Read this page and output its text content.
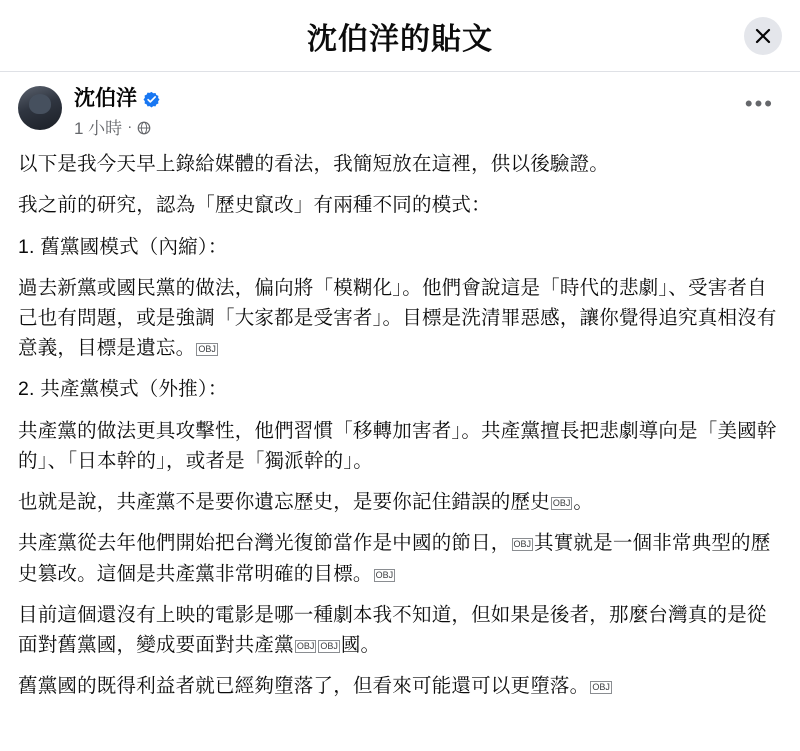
沈伯洋的貼文
沈伯洋
1 小時 ·
•••

以下是我今天早上錄給媒體的看法，我簡短放在這裡，供以後驗證。

我之前的研究，認為「歷史竄改」有兩種不同的模式：

1. 舊黨國模式（內縮）：

過去新黨或國民黨的做法，偏向將「模糊化」。他們會說這是「時代的悲劇」、受害者自己也有問題，或是強調「大家都是受害者」。目標是洗清罪惡感，讓你覺得追究真相沒有意義，目標是遺忘。 OBJ

2. 共產黨模式（外推）：

共產黨的做法更具攻擊性，他們習慣「移轉加害者」。共產黨擅長把悲劇導向是「美國幹的」、「日本幹的」，或者是「獨派幹的」。

也就是說，共產黨不是要你遺忘歷史，是要你記住錯誤的歷史 OBJ 。

共產黨從去年他們開始把台灣光復節當作是中國的節日， OBJ 其實就是一個非常典型的歷史篡改。這個是共產黨非常明確的目標。 OBJ

目前這個還沒有上映的電影是哪一種劇本我不知道，但如果是後者，那麼台灣真的是從面對舊黨國，變成要面對共產黨 OBJ OBJ 國。

舊黨國的既得利益者就已經夠墮落了，但看來可能還可以更墮落。 OBJ
